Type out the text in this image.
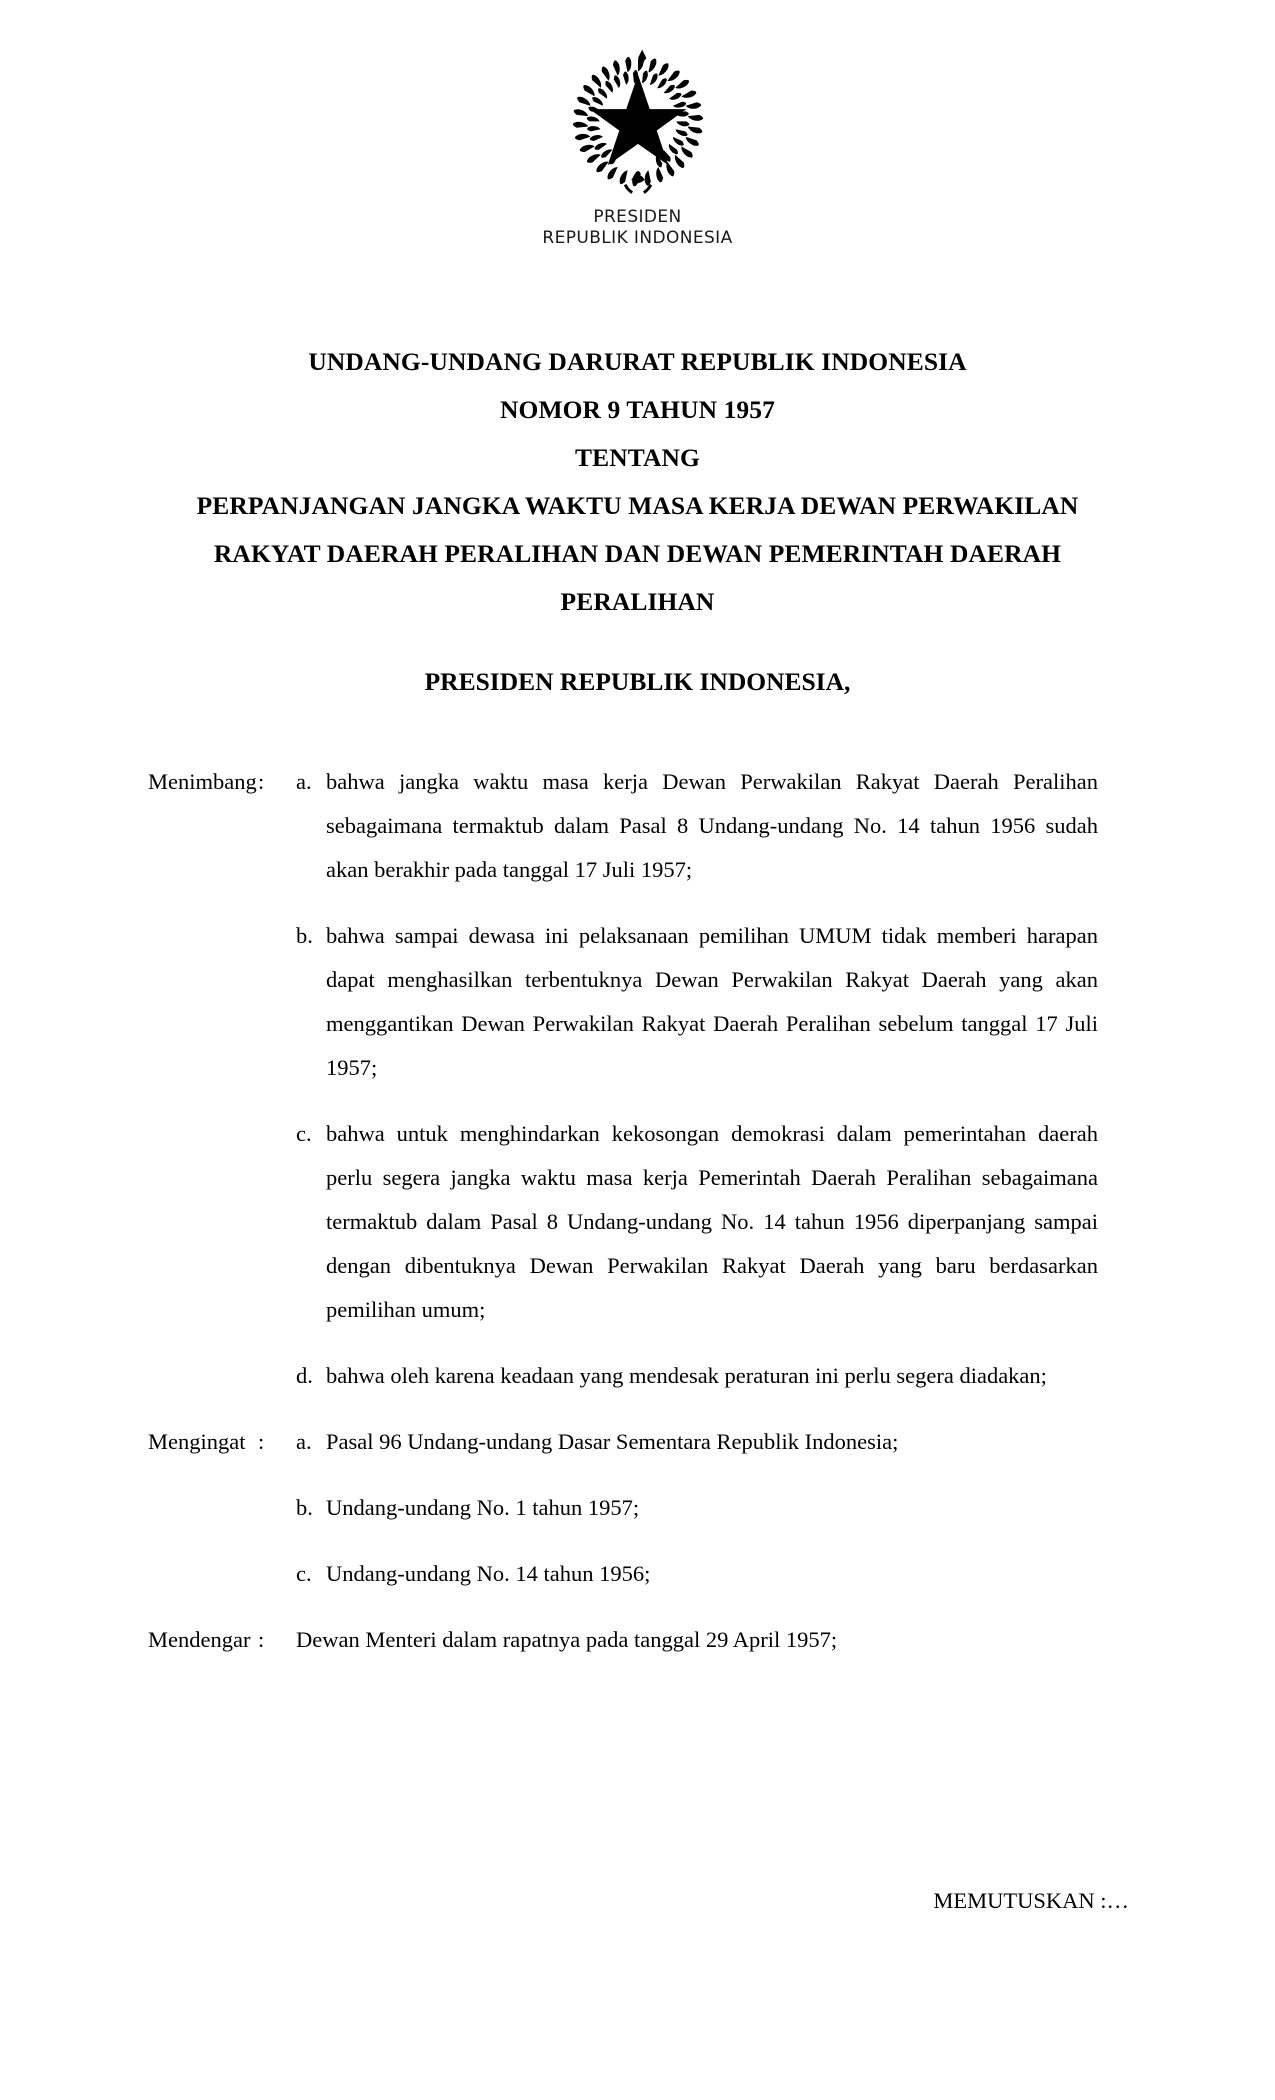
PRESIDEN
REPUBLIK INDONESIA
UNDANG-UNDANG DARURAT REPUBLIK INDONESIA
NOMOR 9 TAHUN 1957
TENTANG
PERPANJANGAN JANGKA WAKTU MASA KERJA DEWAN PERWAKILAN RAKYAT DAERAH PERALIHAN DAN DEWAN PEMERINTAH DAERAH PERALIHAN
PRESIDEN REPUBLIK INDONESIA,
Menimbang :	a. bahwa jangka waktu masa kerja Dewan Perwakilan Rakyat Daerah Peralihan sebagaimana termaktub dalam Pasal 8 Undang-undang No. 14 tahun 1956 sudah akan berakhir pada tanggal 17 Juli 1957;
b. bahwa sampai dewasa ini pelaksanaan pemilihan UMUM tidak memberi harapan dapat menghasilkan terbentuknya Dewan Perwakilan Rakyat Daerah yang akan menggantikan Dewan Perwakilan Rakyat Daerah Peralihan sebelum tanggal 17 Juli 1957;
c. bahwa untuk menghindarkan kekosongan demokrasi dalam pemerintahan daerah perlu segera jangka waktu masa kerja Pemerintah Daerah Peralihan sebagaimana termaktub dalam Pasal 8 Undang-undang No. 14 tahun 1956 diperpanjang sampai dengan dibentuknya Dewan Perwakilan Rakyat Daerah yang baru berdasarkan pemilihan umum;
d. bahwa oleh karena keadaan yang mendesak peraturan ini perlu segera diadakan;
Mengingat :	a. Pasal 96 Undang-undang Dasar Sementara Republik Indonesia;
b. Undang-undang No. 1 tahun 1957;
c. Undang-undang No. 14 tahun 1956;
Mendengar :	Dewan Menteri dalam rapatnya pada tanggal 29 April 1957;
MEMUTUSKAN :…
